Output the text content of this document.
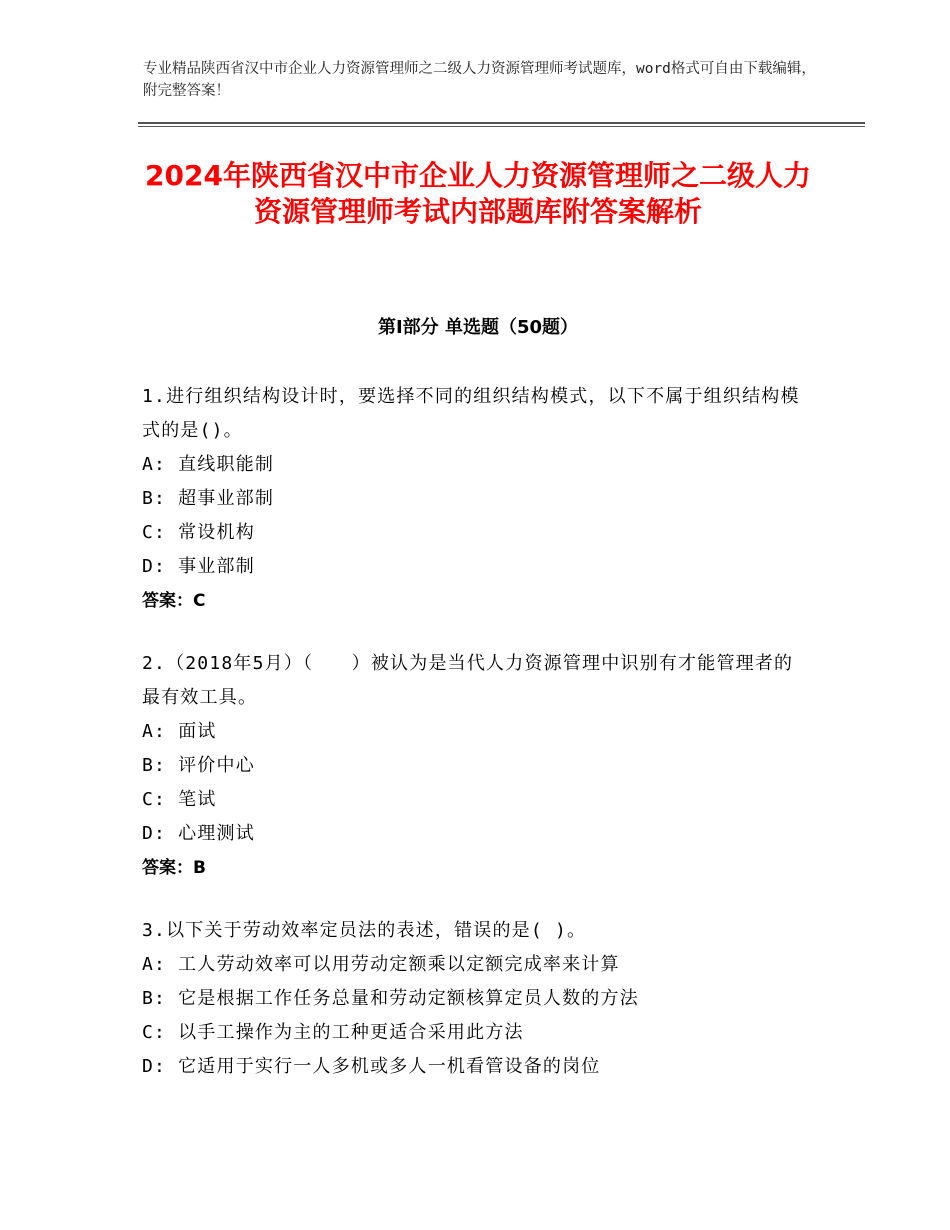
专业精品陕西省汉中市企业人力资源管理师之二级人力资源管理师考试题库，word格式可自由下载编辑，附完整答案！
2024年陕西省汉中市企业人力资源管理师之二级人力资源管理师考试内部题库附答案解析
第Ⅰ部分 单选题（50题）
1.进行组织结构设计时，要选择不同的组织结构模式，以下不属于组织结构模式的是()。
A: 直线职能制
B: 超事业部制
C: 常设机构
D: 事业部制
答案：C
2.（2018年5月）（　　）被认为是当代人力资源管理中识别有才能管理者的最有效工具。
A: 面试
B: 评价中心
C: 笔试
D: 心理测试
答案：B
3.以下关于劳动效率定员法的表述，错误的是( )。
A: 工人劳动效率可以用劳动定额乘以定额完成率来计算
B: 它是根据工作任务总量和劳动定额核算定员人数的方法
C: 以手工操作为主的工种更适合采用此方法
D: 它适用于实行一人多机或多人一机看管设备的岗位
